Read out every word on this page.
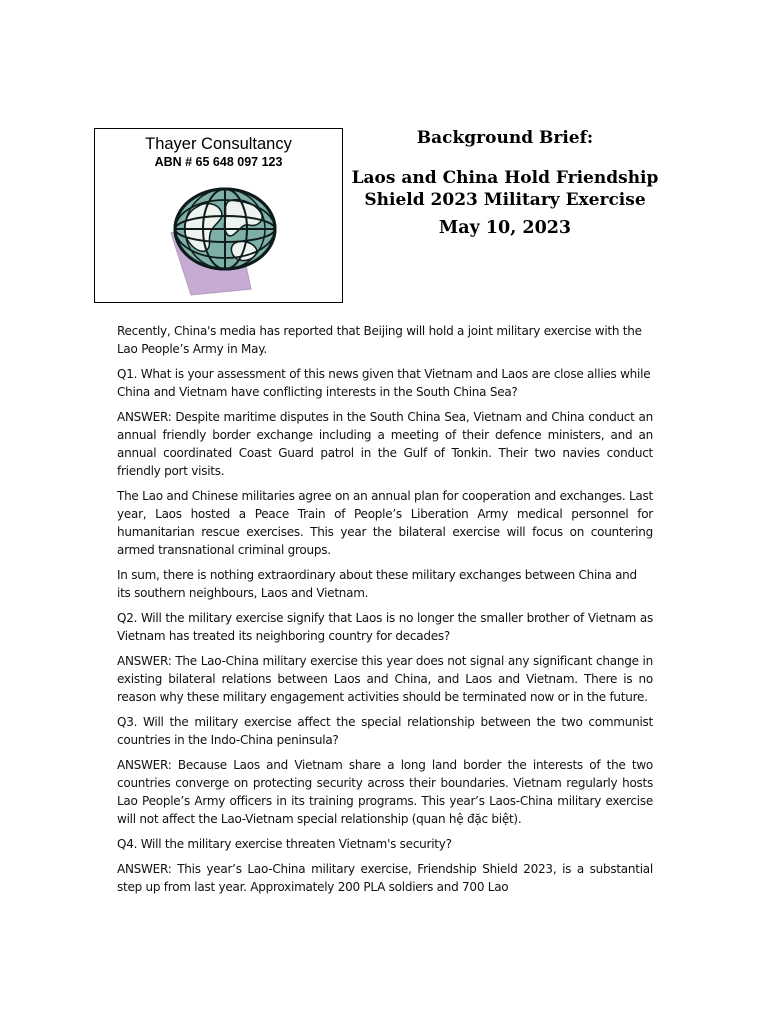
Thayer Consultancy
ABN # 65 648 097 123
Background Brief:
Laos and China Hold Friendship
Shield 2023 Military Exercise
May 10, 2023

Recently, China's media has reported that Beijing will hold a joint military exercise with the Lao People’s Army in May.

Q1. What is your assessment of this news given that Vietnam and Laos are close allies while China and Vietnam have conflicting interests in the South China Sea?

ANSWER: Despite maritime disputes in the South China Sea, Vietnam and China conduct an annual friendly border exchange including a meeting of their defence ministers, and an annual coordinated Coast Guard patrol in the Gulf of Tonkin. Their two navies conduct friendly port visits.

The Lao and Chinese militaries agree on an annual plan for cooperation and exchanges. Last year, Laos hosted a Peace Train of People’s Liberation Army medical personnel for humanitarian rescue exercises. This year the bilateral exercise will focus on countering armed transnational criminal groups.

In sum, there is nothing extraordinary about these military exchanges between China and its southern neighbours, Laos and Vietnam.

Q2. Will the military exercise signify that Laos is no longer the smaller brother of Vietnam as Vietnam has treated its neighboring country for decades?

ANSWER: The Lao-China military exercise this year does not signal any significant change in existing bilateral relations between Laos and China, and Laos and Vietnam. There is no reason why these military engagement activities should be terminated now or in the future.

Q3. Will the military exercise affect the special relationship between the two communist countries in the Indo-China peninsula?

ANSWER: Because Laos and Vietnam share a long land border the interests of the two countries converge on protecting security across their boundaries. Vietnam regularly hosts Lao People’s Army officers in its training programs. This year’s Laos-China military exercise will not affect the Lao-Vietnam special relationship (quan hệ đặc biệt).

Q4. Will the military exercise threaten Vietnam's security?

ANSWER: This year’s Lao-China military exercise, Friendship Shield 2023, is a substantial step up from last year. Approximately 200 PLA soldiers and 700 Lao
